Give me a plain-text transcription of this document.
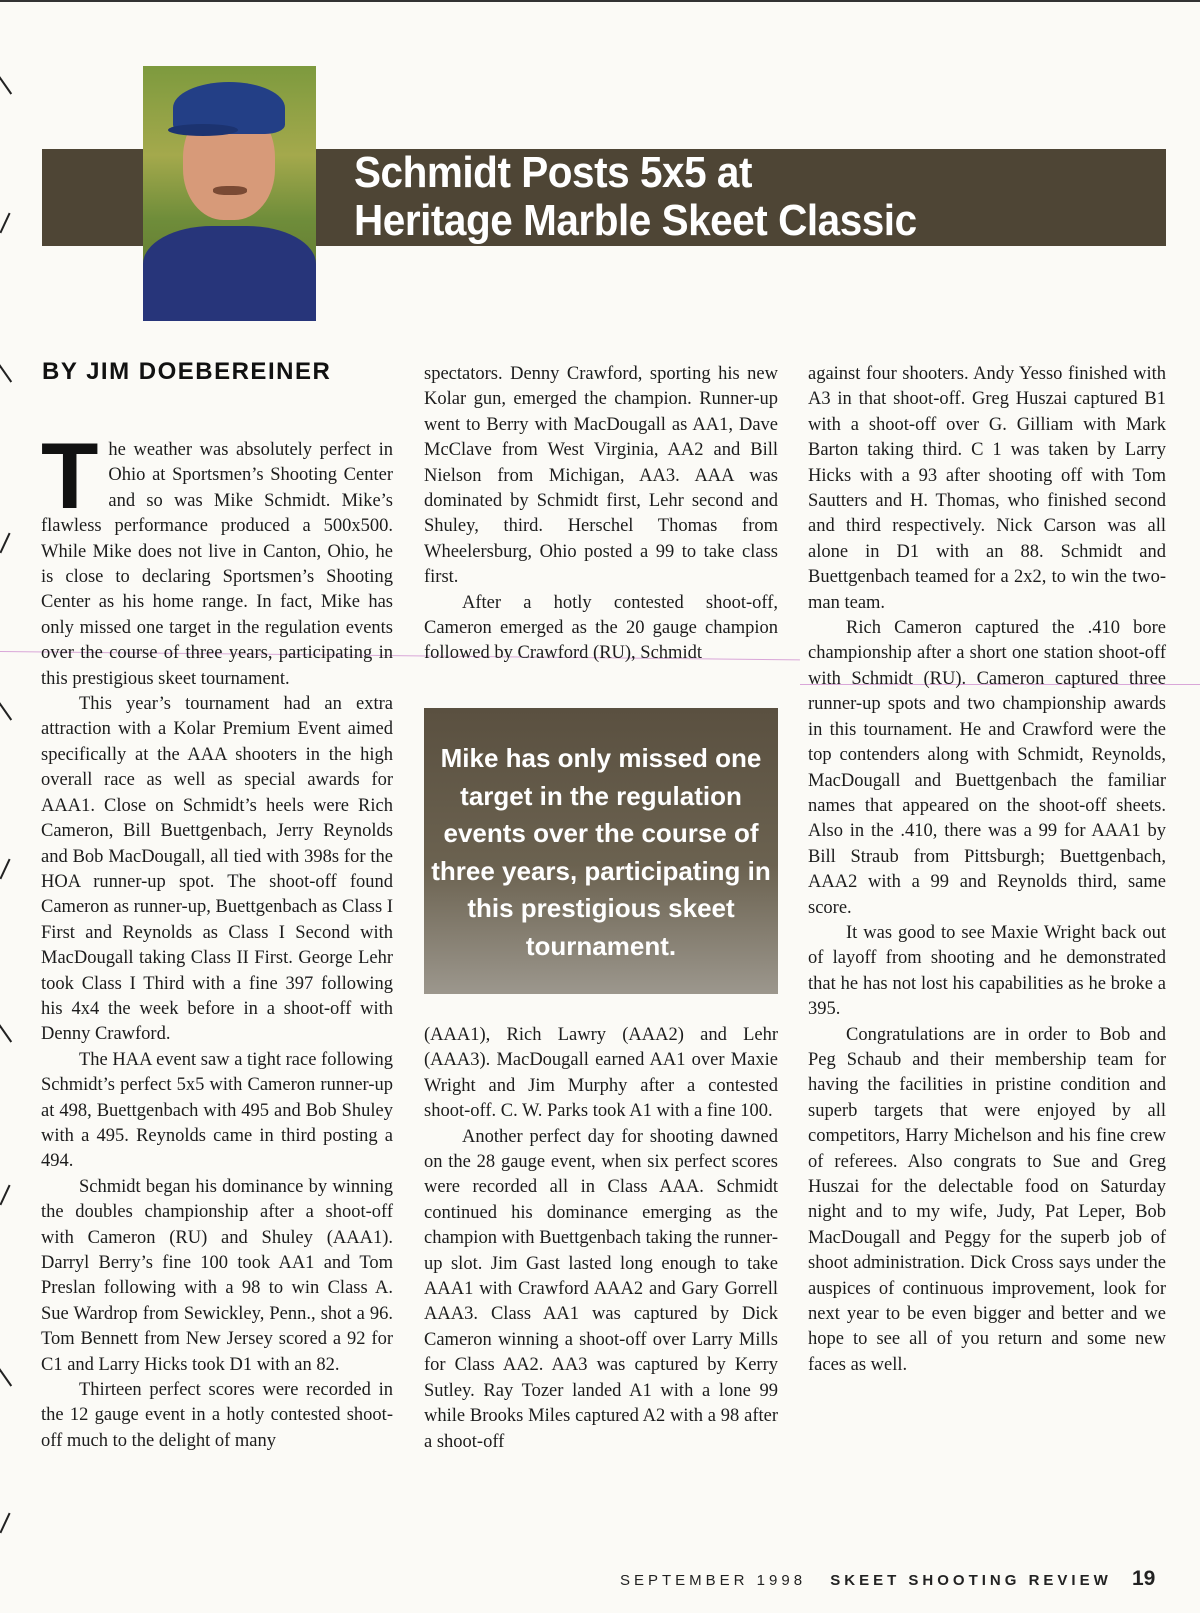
Schmidt Posts 5x5 at
Heritage Marble Skeet Classic
BY JIM DOEBEREINER

The weather was absolutely perfect in Ohio at Sportsmen’s Shooting Center and so was Mike Schmidt. Mike’s flawless performance produced a 500x500. While Mike does not live in Canton, Ohio, he is close to declaring Sportsmen’s Shooting Center as his home range. In fact, Mike has only missed one target in the regulation events over the course of three years, participating in this prestigious skeet tournament.

This year’s tournament had an extra attraction with a Kolar Premium Event aimed specifically at the AAA shooters in the high overall race as well as special awards for AAA1. Close on Schmidt’s heels were Rich Cameron, Bill Buettgenbach, Jerry Reynolds and Bob MacDougall, all tied with 398s for the HOA runner-up spot. The shoot-off found Cameron as runner-up, Buettgenbach as Class I First and Reynolds as Class I Second with MacDougall taking Class II First. George Lehr took Class I Third with a fine 397 following his 4x4 the week before in a shoot-off with Denny Crawford.

The HAA event saw a tight race following Schmidt’s perfect 5x5 with Cameron runner-up at 498, Buettgenbach with 495 and Bob Shuley with a 495. Reynolds came in third posting a 494.

Schmidt began his dominance by winning the doubles championship after a shoot-off with Cameron (RU) and Shuley (AAA1). Darryl Berry’s fine 100 took AA1 and Tom Preslan following with a 98 to win Class A. Sue Wardrop from Sewickley, Penn., shot a 96. Tom Bennett from New Jersey scored a 92 for C1 and Larry Hicks took D1 with an 82.

Thirteen perfect scores were recorded in the 12 gauge event in a hotly contested shoot-off much to the delight of many

spectators. Denny Crawford, sporting his new Kolar gun, emerged the champion. Runner-up went to Berry with MacDougall as AA1, Dave McClave from West Virginia, AA2 and Bill Nielson from Michigan, AA3. AAA was dominated by Schmidt first, Lehr second and Shuley, third. Herschel Thomas from Wheelersburg, Ohio posted a 99 to take class first.

After a hotly contested shoot-off, Cameron emerged as the 20 gauge champion followed by Crawford (RU), Schmidt

Mike has only missed one target in the regulation events over the course of three years, participating in this prestigious skeet tournament.

(AAA1), Rich Lawry (AAA2) and Lehr (AAA3). MacDougall earned AA1 over Maxie Wright and Jim Murphy after a contested shoot-off. C. W. Parks took A1 with a fine 100.

Another perfect day for shooting dawned on the 28 gauge event, when six perfect scores were recorded all in Class AAA. Schmidt continued his dominance emerging as the champion with Buettgenbach taking the runner-up slot. Jim Gast lasted long enough to take AAA1 with Crawford AAA2 and Gary Gorrell AAA3. Class AA1 was captured by Dick Cameron winning a shoot-off over Larry Mills for Class AA2. AA3 was captured by Kerry Sutley. Ray Tozer landed A1 with a lone 99 while Brooks Miles captured A2 with a 98 after a shoot-off

against four shooters. Andy Yesso finished with A3 in that shoot-off. Greg Huszai captured B1 with a shoot-off over G. Gilliam with Mark Barton taking third. C 1 was taken by Larry Hicks with a 93 after shooting off with Tom Sautters and H. Thomas, who finished second and third respectively. Nick Carson was all alone in D1 with an 88. Schmidt and Buettgenbach teamed for a 2x2, to win the two-man team.

Rich Cameron captured the .410 bore championship after a short one station shoot-off with Schmidt (RU). Cameron captured three runner-up spots and two championship awards in this tournament. He and Crawford were the top contenders along with Schmidt, Reynolds, MacDougall and Buettgenbach the familiar names that appeared on the shoot-off sheets. Also in the .410, there was a 99 for AAA1 by Bill Straub from Pittsburgh; Buettgenbach, AAA2 with a 99 and Reynolds third, same score.

It was good to see Maxie Wright back out of layoff from shooting and he demonstrated that he has not lost his capabilities as he broke a 395.

Congratulations are in order to Bob and Peg Schaub and their membership team for having the facilities in pristine condition and superb targets that were enjoyed by all competitors, Harry Michelson and his fine crew of referees. Also congrats to Sue and Greg Huszai for the delectable food on Saturday night and to my wife, Judy, Pat Leper, Bob MacDougall and Peggy for the superb job of shoot administration. Dick Cross says under the auspices of continuous improvement, look for next year to be even bigger and better and we hope to see all of you return and some new faces as well.

SEPTEMBER 1998 SKEET SHOOTING REVIEW 19
